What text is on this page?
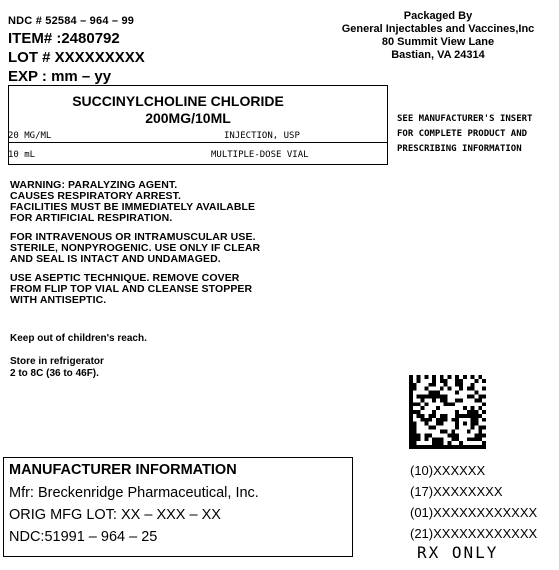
NDC # 52584 – 964 – 99
ITEM# :2480792
LOT # XXXXXXXXX
EXP : mm – yy
Packaged By
General Injectables and Vaccines,Inc
80 Summit View Lane
Bastian, VA 24314
SUCCINYLCHOLINE CHLORIDE
200MG/10ML
20 MG/ML
10 mL
INJECTION, USP
MULTIPLE-DOSE VIAL
SEE MANUFACTURER'S INSERT
FOR COMPLETE PRODUCT AND
PRESCRIBING INFORMATION

WARNING: PARALYZING AGENT.
CAUSES RESPIRATORY ARREST.
FACILITIES MUST BE IMMEDIATELY AVAILABLE
FOR ARTIFICIAL RESPIRATION.

FOR INTRAVENOUS OR INTRAMUSCULAR USE.
STERILE, NONPYROGENIC. USE ONLY IF CLEAR
AND SEAL IS INTACT AND UNDAMAGED.

USE ASEPTIC TECHNIQUE. REMOVE COVER
FROM FLIP TOP VIAL AND CLEANSE STOPPER
WITH ANTISEPTIC.

Keep out of children's reach.
Store in refrigerator
2 to 8C (36 to 46F).
MANUFACTURER INFORMATION
Mfr: Breckenridge Pharmaceutical, Inc.
ORIG MFG LOT: XX – XXX – XX
NDC:51991 – 964 – 25
(10)XXXXXX
(17)XXXXXXXX
(01)XXXXXXXXXXXX
(21)XXXXXXXXXXXX
RX ONLY
